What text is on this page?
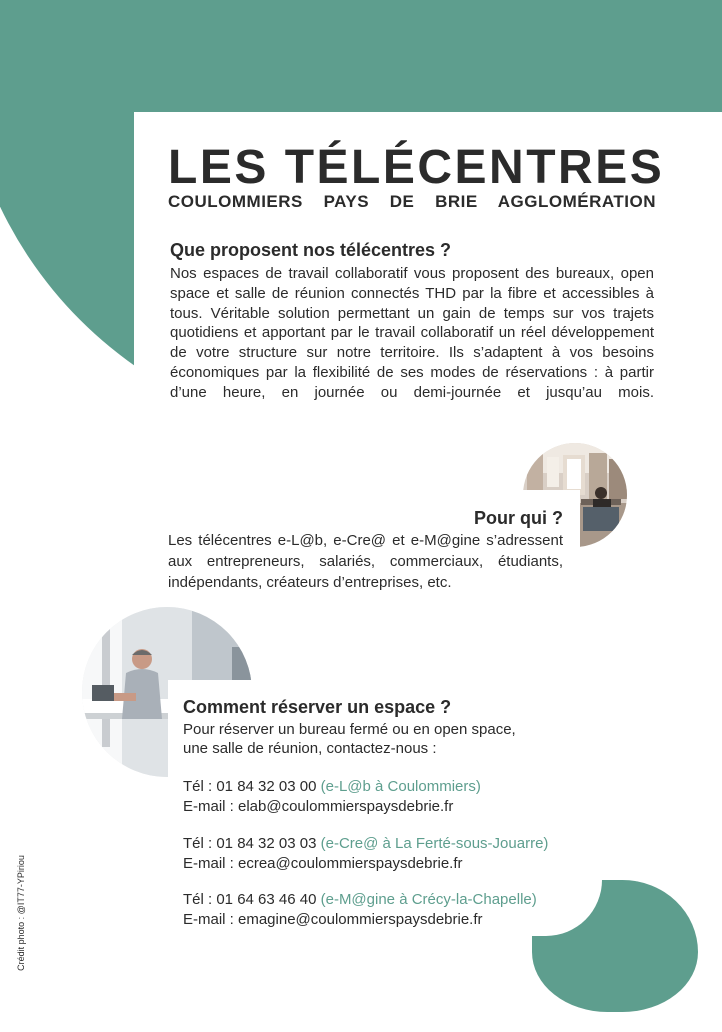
LES TÉLÉCENTRES
COULOMMIERS PAYS DE BRIE AGGLOMÉRATION
Que proposent nos télécentres ?
Nos espaces de travail collaboratif vous proposent des bureaux, open space et salle de réunion connectés THD par la fibre et accessibles à tous. Véritable solution permettant un gain de temps sur vos trajets quotidiens et apportant par le travail collaboratif un réel développement de votre structure sur notre territoire. Ils s’adaptent à vos besoins économiques par la flexibilité de ses modes de réservations : à partir d’une heure, en journée ou demi-journée et jusqu’au mois.
Pour qui ?
Les télécentres e-L@b, e-Cre@ et e-M@gine s’adressent aux entrepreneurs, salariés, commerciaux, étudiants, indépendants, créateurs d’entreprises, etc.
Comment réserver un espace ?
Pour réserver un bureau fermé ou en open space,
une salle de réunion, contactez-nous :
Tél : 01 84 32 03 00 (e-L@b à Coulommiers)
E-mail : elab@coulommierspaysdebrie.fr
Tél : 01 84 32 03 03 (e-Cre@ à La Ferté-sous-Jouarre)
E-mail : ecrea@coulommierspaysdebrie.fr
Tél : 01 64 63 46 40 (e-M@gine à Crécy-la-Chapelle)
E-mail : emagine@coulommierspaysdebrie.fr
Crédit photo : @IT77-YPiriou
